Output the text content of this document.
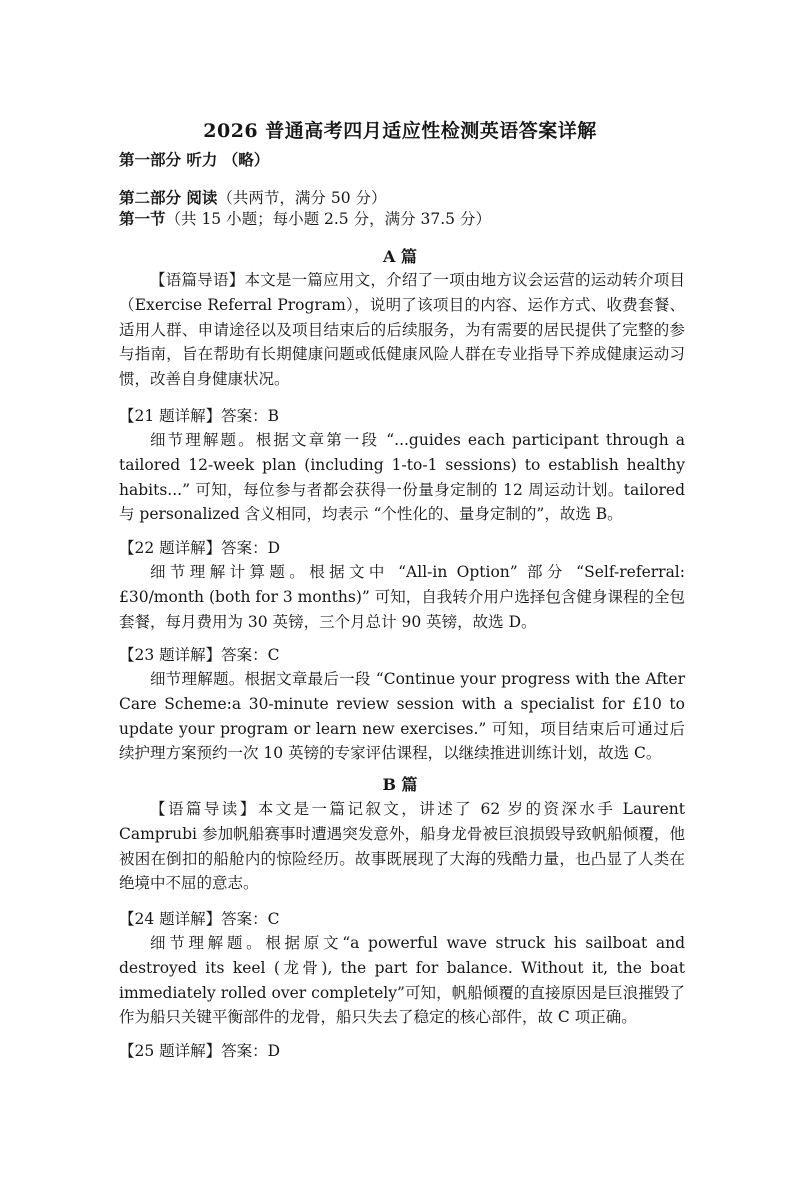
2026 普通高考四月适应性检测英语答案详解
第一部分 听力 （略）
第二部分 阅读（共两节，满分 50 分）
第一节（共 15 小题；每小题 2.5 分，满分 37.5 分）
A 篇

【语篇导语】本文是一篇应用文，介绍了一项由地方议会运营的运动转介项目（Exercise Referral Program），说明了该项目的内容、运作方式、收费套餐、适用人群、申请途径以及项目结束后的后续服务，为有需要的居民提供了完整的参与指南，旨在帮助有长期健康问题或低健康风险人群在专业指导下养成健康运动习惯，改善自身健康状况。

【21 题详解】答案：B

细节理解题。根据文章第一段 “...guides each participant through a tailored 12-week plan (including 1-to-1 sessions) to establish healthy habits...” 可知，每位参与者都会获得一份量身定制的 12 周运动计划。tailored 与 personalized 含义相同，均表示 “个性化的、量身定制的”，故选 B。

【22 题详解】答案：D

细节理解计算题。根据文中 “All-in Option” 部分 “Self-referral: £30/month (both for 3 months)” 可知，自我转介用户选择包含健身课程的全包套餐，每月费用为 30 英镑，三个月总计 90 英镑，故选 D。

【23 题详解】答案：C

细节理解题。根据文章最后一段 “Continue your progress with the After Care Scheme:a 30-minute review session with a specialist for £10 to update your program or learn new exercises.” 可知，项目结束后可通过后续护理方案预约一次 10 英镑的专家评估课程，以继续推进训练计划，故选 C。

B 篇

【语篇导读】本文是一篇记叙文，讲述了 62 岁的资深水手 Laurent Camprubi 参加帆船赛事时遭遇突发意外，船身龙骨被巨浪损毁导致帆船倾覆，他被困在倒扣的船舱内的惊险经历。故事既展现了大海的残酷力量，也凸显了人类在绝境中不屈的意志。

【24 题详解】答案：C

细节理解题。根据原文“a powerful wave struck his sailboat and destroyed its keel (龙骨), the part for balance. Without it, the boat immediately rolled over completely”可知，帆船倾覆的直接原因是巨浪摧毁了作为船只关键平衡部件的龙骨，船只失去了稳定的核心部件，故 C 项正确。

【25 题详解】答案：D
